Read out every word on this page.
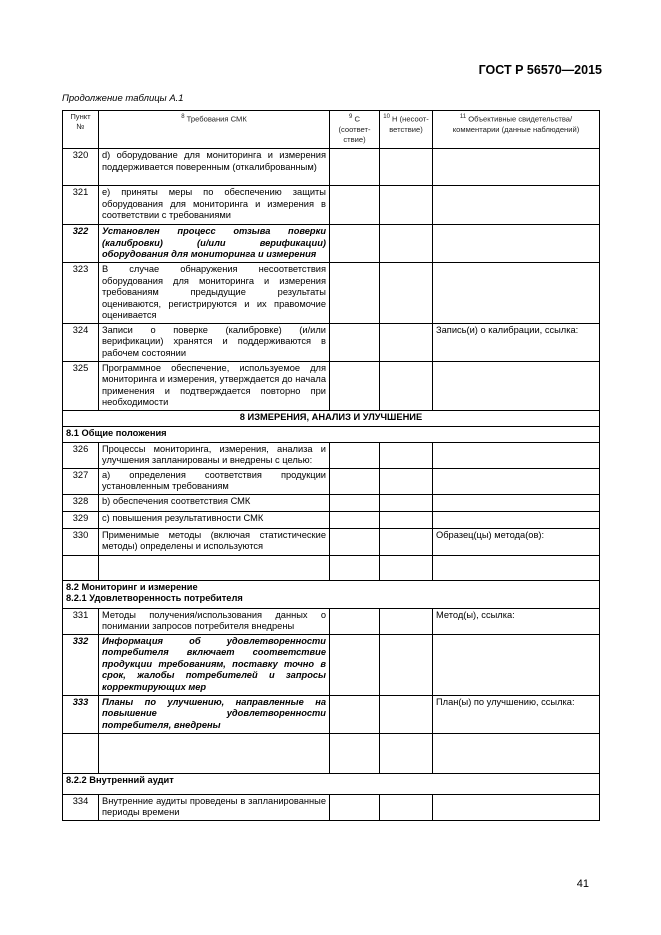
ГОСТ Р 56570—2015
Продолжение таблицы А.1
Пункт №	$^8$ Требования СМК	$^9$ С (соответствие)	$^{10}$ Н (несоответствие)	$^{11}$ Объективные свидетельства/ комментарии (данные наблюдений)
320	d) оборудование для мониторинга и измерения поддерживается поверенным (откалиброванным)			
321	e) приняты меры по обеспечению защиты оборудования для мониторинга и измерения в соответствии с требованиями			
322	Установлен процесс отзыва поверки (калибровки) (и/или верификации) оборудования для мониторинга и измерения			
323	В случае обнаружения несоответствия оборудования для мониторинга и измерения требованиям предыдущие результаты оцениваются, регистрируются и их правомочие оценивается			
324	Записи о поверке (калибровке) (и/или верификации) хранятся и поддерживаются в рабочем состоянии			Запись(и) о калибрации, ссылка:
325	Программное обеспечение, используемое для мониторинга и измерения, утверждается до начала применения и подтверждается повторно при необходимости			
8 ИЗМЕРЕНИЯ, АНАЛИЗ И УЛУЧШЕНИЕ				
8.1 Общие положения				
326	Процессы мониторинга, измерения, анализа и улучшения запланированы и внедрены с целью:			
327	a) определения соответствия продукции установленным требованиям			
328	b) обеспечения соответствия СМК			
329	c) повышения результативности СМК			
330	Применимые методы (включая статистические методы) определены и используются			Образец(цы) метода(ов):

8.2 Мониторинг и измерение
8.2.1 Удовлетворенность потребителя				

331	Методы получения/использования данных о понимании запросов потребителя внедрены			Метод(ы), ссылка:
332	Информация об удовлетворенности потребителя включает соответствие продукции требованиям, поставку точно в срок, жалобы потребителей и запросы корректирующих мер			
333	Планы по улучшению, направленные на повышение удовлетворенности потребителя, внедрены			План(ы) по улучшению, ссылка:

8.2.2 Внутренний аудит				
334	Внутренние аудиты проведены в запланированные периоды времени			
41
